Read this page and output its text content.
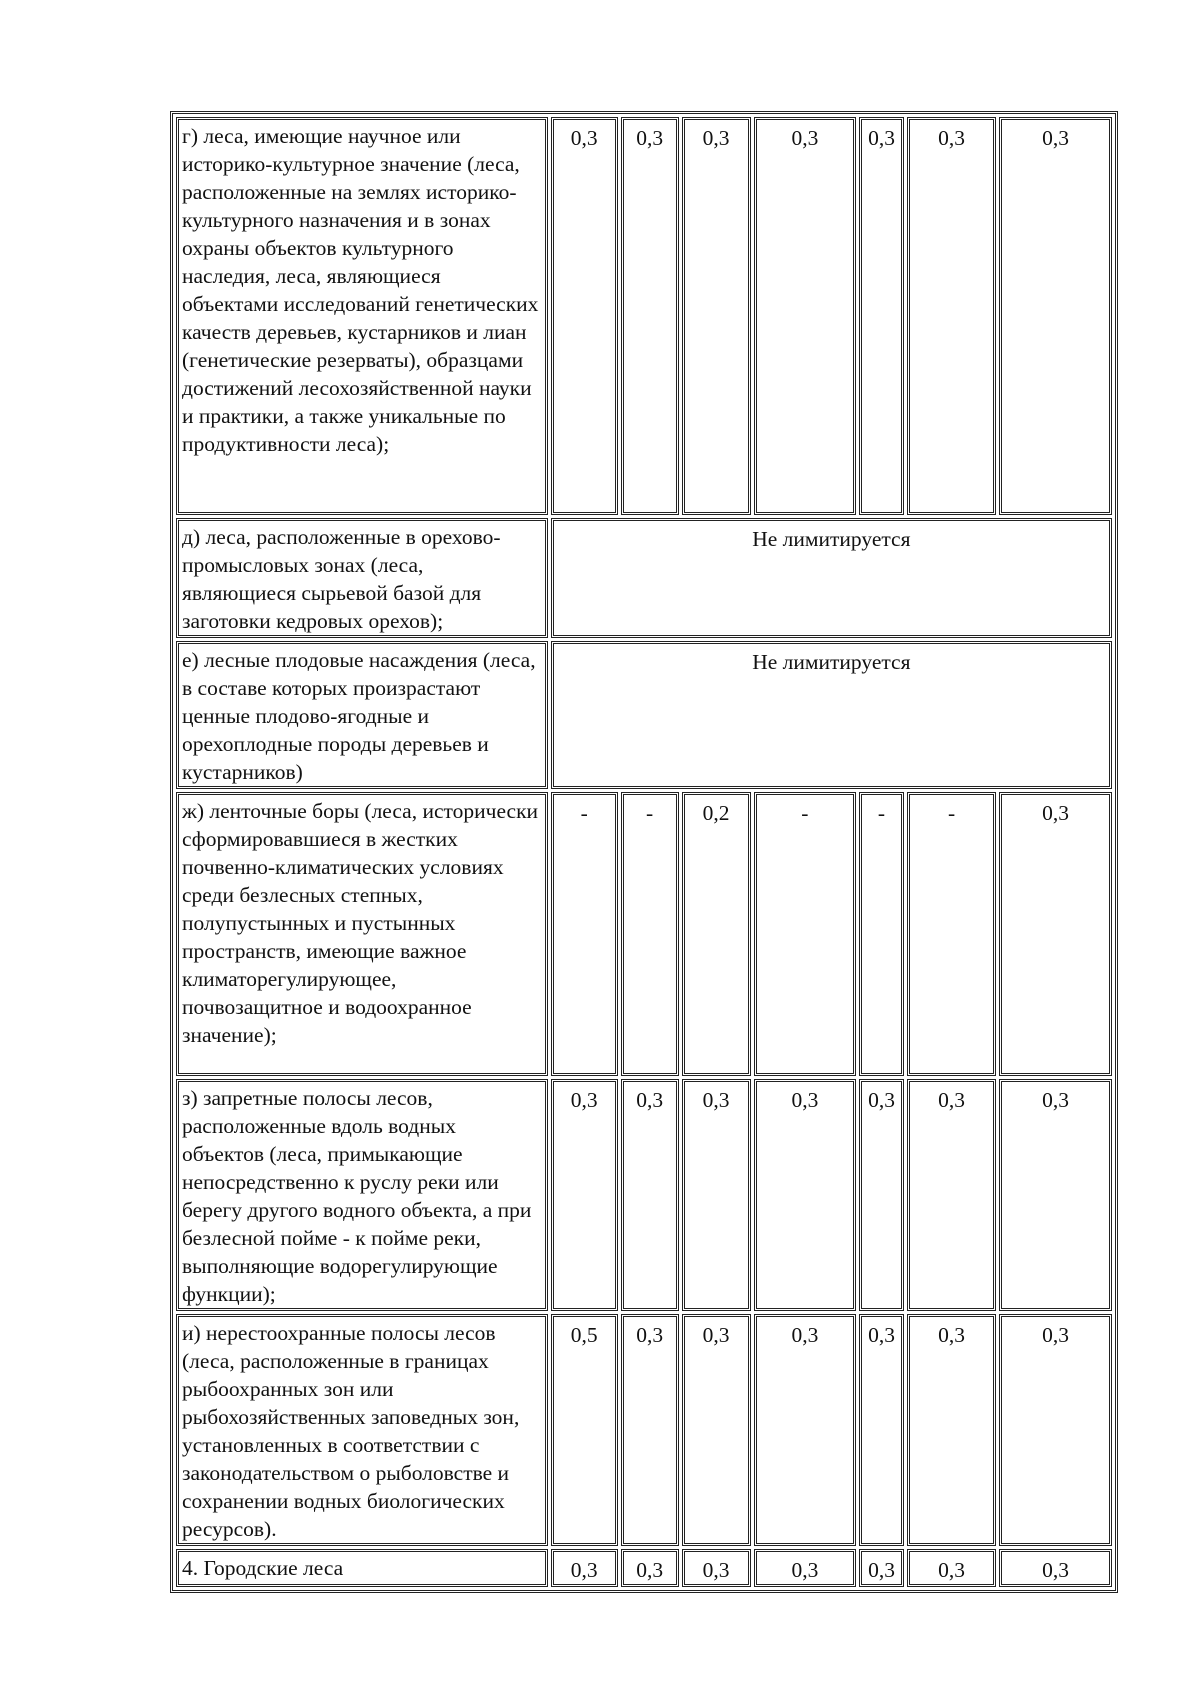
г) леса, имеющие научное или историко-культурное значение (леса, расположенные на землях историко-культурного назначения и в зонах охраны объектов культурного наследия, леса, являющиеся объектами исследований генетических качеств деревьев, кустарников и лиан (генетические резерваты), образцами достижений лесохозяйственной науки и практики, а также уникальные по продуктивности леса);	0,3	0,3	0,3	0,3	0,3	0,3	0,3
д) леса, расположенные в орехово-промысловых зонах (леса, являющиеся сырьевой базой для заготовки кедровых орехов);	Не лимитируется						
е) лесные плодовые насаждения (леса, в составе которых произрастают ценные плодово-ягодные и орехоплодные породы деревьев и кустарников)	Не лимитируется						
ж) ленточные боры (леса, исторически сформировавшиеся в жестких почвенно-климатических условиях среди безлесных степных, полупустынных и пустынных пространств, имеющие важное климаторегулирующее, почвозащитное и водоохранное значение);	-	-	0,2	-	-	-	0,3
з) запретные полосы лесов, расположенные вдоль водных объектов (леса, примыкающие непосредственно к руслу реки или берегу другого водного объекта, а при безлесной пойме - к пойме реки, выполняющие водорегулирующие функции);	0,3	0,3	0,3	0,3	0,3	0,3	0,3
и) нерестоохранные полосы лесов (леса, расположенные в границах рыбоохранных зон или рыбохозяйственных заповедных зон, установленных в соответствии с законодательством о рыболовстве и сохранении водных биологических ресурсов).	0,5	0,3	0,3	0,3	0,3	0,3	0,3
4. Городские леса	0,3	0,3	0,3	0,3	0,3	0,3	0,3
